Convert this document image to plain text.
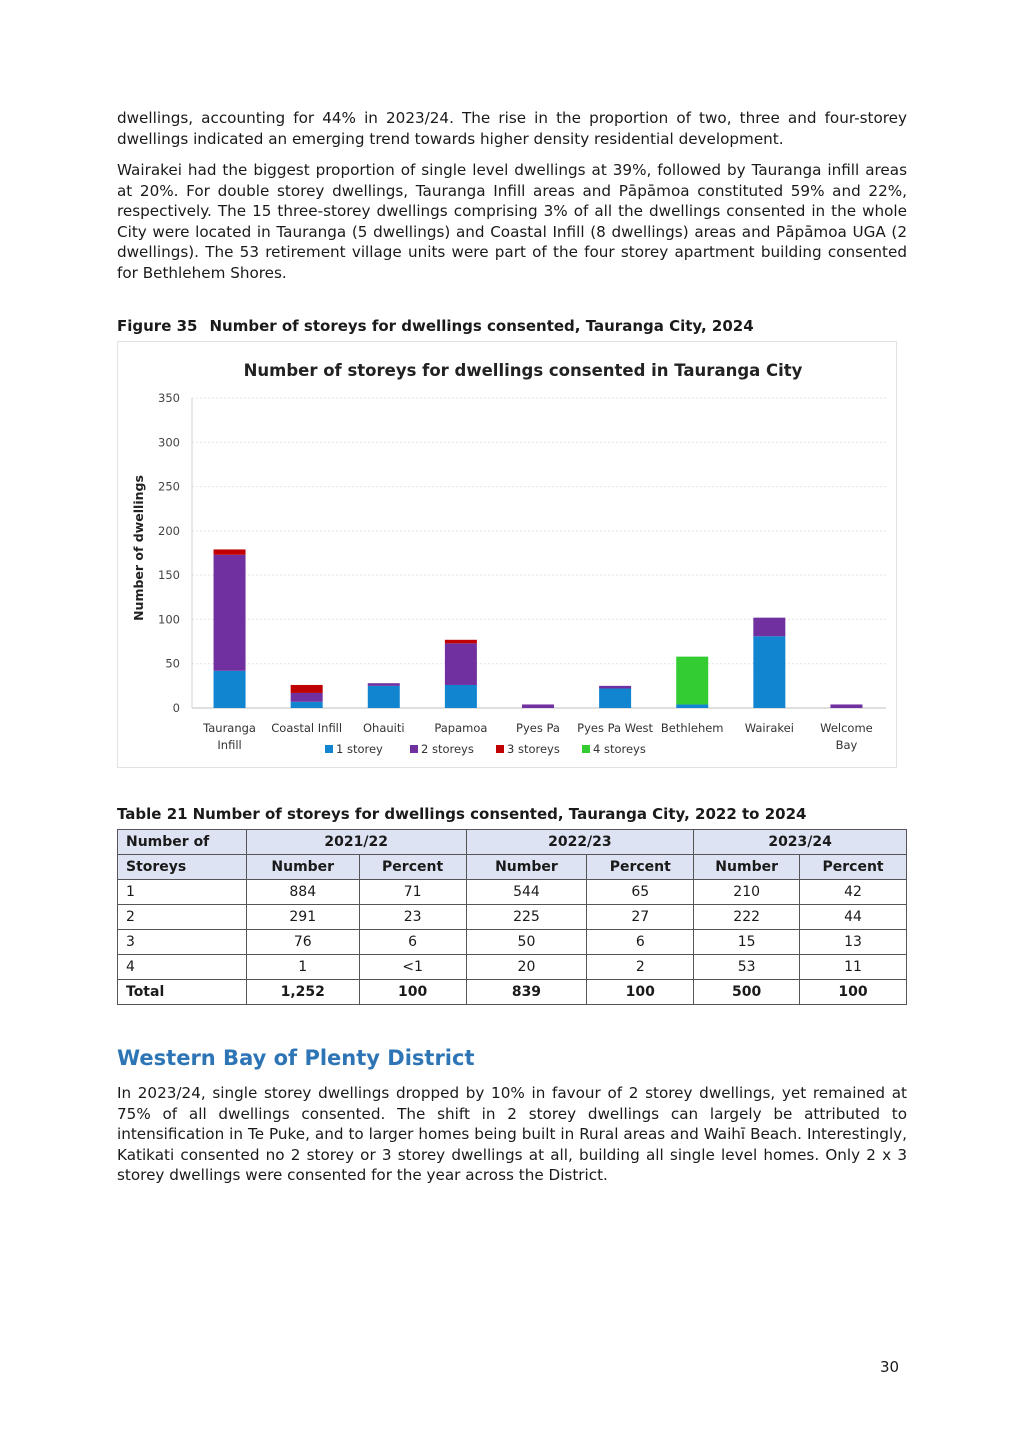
dwellings, accounting for 44% in 2023/24. The rise in the proportion of two, three and four-storey dwellings indicated an emerging trend towards higher density residential development.

Wairakei had the biggest proportion of single level dwellings at 39%, followed by Tauranga infill areas at 20%. For double storey dwellings, Tauranga Infill areas and Pāpāmoa constituted 59% and 22%, respectively. The 15 three-storey dwellings comprising 3% of all the dwellings consented in the whole City were located in Tauranga (5 dwellings) and Coastal Infill (8 dwellings) areas and Pāpāmoa UGA (2 dwellings). The 53 retirement village units were part of the four storey apartment building consented for Bethlehem Shores.

Figure 35 Number of storeys for dwellings consented, Tauranga City, 2024

Number of storeys for dwellings consented in Tauranga City
0
50
100
150
200
250
300
350
Number of dwellings
Tauranga
Infill
Coastal Infill Ohauiti	Papamoa Pyes Pa Pyes Pa West Bethlehem Wairakei Welcome
Bay
1 storey	2 storeys	3 storeys	4 storeys

Table 21 Number of storeys for dwellings consented, Tauranga City, 2022 to 2024

Number of	2021/22		2022/23		2023/24	
Storeys	Number	Percent	Number	Percent	Number	Percent
1	884	71	544	65	210	42
2	291	23	225	27	222	44
3	76	6	50	6	15	13
4	1	<1	20	2	53	11
Total	1,252	100	839	100	500	100
Western Bay of Plenty District

In 2023/24, single storey dwellings dropped by 10% in favour of 2 storey dwellings, yet remained at 75% of all dwellings consented. The shift in 2 storey dwellings can largely be attributed to intensification in Te Puke, and to larger homes being built in Rural areas and Waihī Beach. Interestingly, Katikati consented no 2 storey or 3 storey dwellings at all, building all single level homes. Only 2 x 3 storey dwellings were consented for the year across the District.

30
